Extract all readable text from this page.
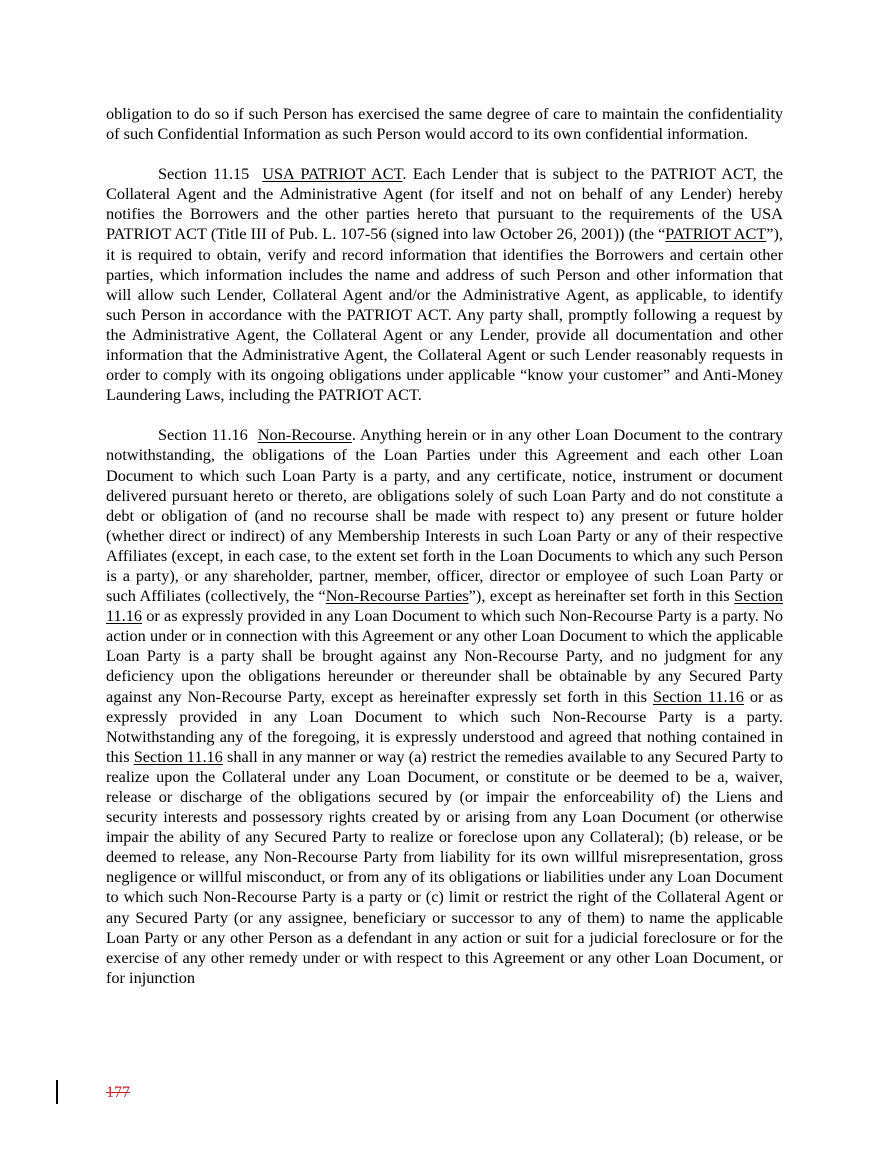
obligation to do so if such Person has exercised the same degree of care to maintain the confidentiality of such Confidential Information as such Person would accord to its own confidential information.

Section 11.15 USA PATRIOT ACT. Each Lender that is subject to the PATRIOT ACT, the Collateral Agent and the Administrative Agent (for itself and not on behalf of any Lender) hereby notifies the Borrowers and the other parties hereto that pursuant to the requirements of the USA PATRIOT ACT (Title III of Pub. L. 107-56 (signed into law October 26, 2001)) (the “PATRIOT ACT”), it is required to obtain, verify and record information that identifies the Borrowers and certain other parties, which information includes the name and address of such Person and other information that will allow such Lender, Collateral Agent and/or the Administrative Agent, as applicable, to identify such Person in accordance with the PATRIOT ACT. Any party shall, promptly following a request by the Administrative Agent, the Collateral Agent or any Lender, provide all documentation and other information that the Administrative Agent, the Collateral Agent or such Lender reasonably requests in order to comply with its ongoing obligations under applicable “know your customer” and Anti-Money Laundering Laws, including the PATRIOT ACT.

Section 11.16 Non-Recourse. Anything herein or in any other Loan Document to the contrary notwithstanding, the obligations of the Loan Parties under this Agreement and each other Loan Document to which such Loan Party is a party, and any certificate, notice, instrument or document delivered pursuant hereto or thereto, are obligations solely of such Loan Party and do not constitute a debt or obligation of (and no recourse shall be made with respect to) any present or future holder (whether direct or indirect) of any Membership Interests in such Loan Party or any of their respective Affiliates (except, in each case, to the extent set forth in the Loan Documents to which any such Person is a party), or any shareholder, partner, member, officer, director or employee of such Loan Party or such Affiliates (collectively, the “Non-Recourse Parties”), except as hereinafter set forth in this Section 11.16 or as expressly provided in any Loan Document to which such Non-Recourse Party is a party. No action under or in connection with this Agreement or any other Loan Document to which the applicable Loan Party is a party shall be brought against any Non-Recourse Party, and no judgment for any deficiency upon the obligations hereunder or thereunder shall be obtainable by any Secured Party against any Non-Recourse Party, except as hereinafter expressly set forth in this Section 11.16 or as expressly provided in any Loan Document to which such Non-Recourse Party is a party. Notwithstanding any of the foregoing, it is expressly understood and agreed that nothing contained in this Section 11.16 shall in any manner or way (a) restrict the remedies available to any Secured Party to realize upon the Collateral under any Loan Document, or constitute or be deemed to be a, waiver, release or discharge of the obligations secured by (or impair the enforceability of) the Liens and security interests and possessory rights created by or arising from any Loan Document (or otherwise impair the ability of any Secured Party to realize or foreclose upon any Collateral); (b) release, or be deemed to release, any Non-Recourse Party from liability for its own willful misrepresentation, gross negligence or willful misconduct, or from any of its obligations or liabilities under any Loan Document to which such Non-Recourse Party is a party or (c) limit or restrict the right of the Collateral Agent or any Secured Party (or any assignee, beneficiary or successor to any of them) to name the applicable Loan Party or any other Person as a defendant in any action or suit for a judicial foreclosure or for the exercise of any other remedy under or with respect to this Agreement or any other Loan Document, or for injunction

177
